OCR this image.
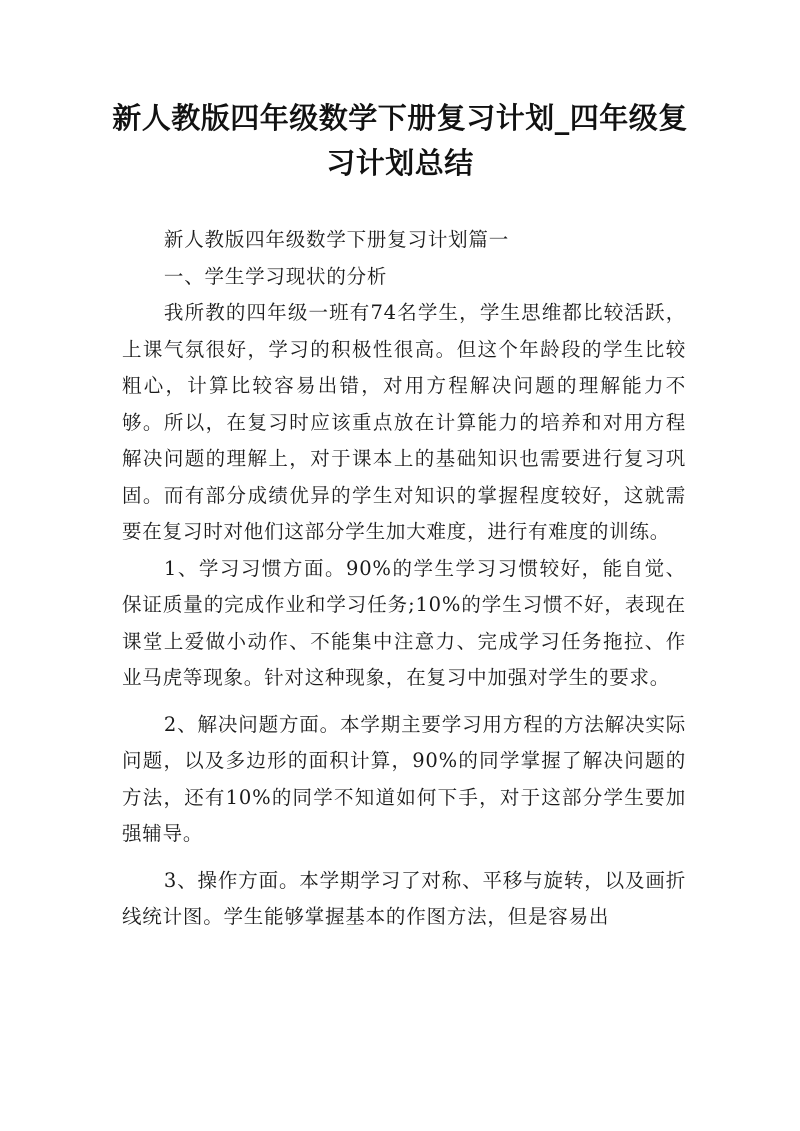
新人教版四年级数学下册复习计划_四年级复习计划总结

新人教版四年级数学下册复习计划篇一

一、学生学习现状的分析

我所教的四年级一班有74名学生，学生思维都比较活跃，上课气氛很好，学习的积极性很高。但这个年龄段的学生比较粗心，计算比较容易出错，对用方程解决问题的理解能力不够。所以，在复习时应该重点放在计算能力的培养和对用方程解决问题的理解上，对于课本上的基础知识也需要进行复习巩固。而有部分成绩优异的学生对知识的掌握程度较好，这就需要在复习时对他们这部分学生加大难度，进行有难度的训练。

1、学习习惯方面。90%的学生学习习惯较好，能自觉、保证质量的完成作业和学习任务;10%的学生习惯不好，表现在课堂上爱做小动作、不能集中注意力、完成学习任务拖拉、作业马虎等现象。针对这种现象，在复习中加强对学生的要求。

2、解决问题方面。本学期主要学习用方程的方法解决实际问题，以及多边形的面积计算，90%的同学掌握了解决问题的方法，还有10%的同学不知道如何下手，对于这部分学生要加强辅导。

3、操作方面。本学期学习了对称、平移与旋转，以及画折线统计图。学生能够掌握基本的作图方法，但是容易出
